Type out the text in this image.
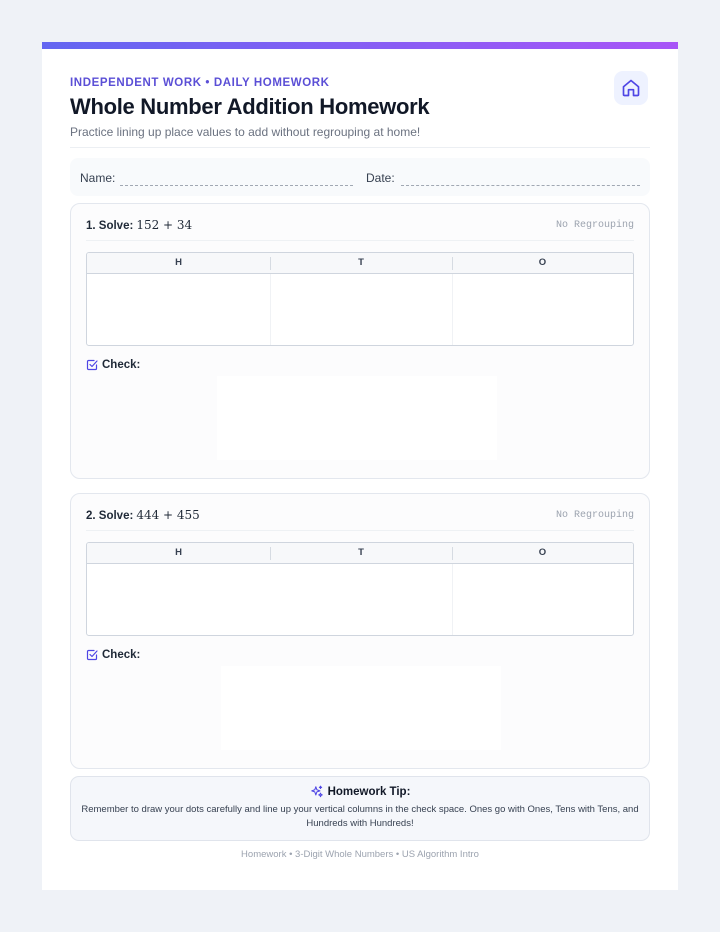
INDEPENDENT WORK • DAILY HOMEWORK
Whole Number Addition Homework
Practice lining up place values to add without regrouping at home!
Name:	Date:
1. Solve: 152 + 34	No Regrouping
H	T	O
Check:
2. Solve: 444 + 455	No Regrouping
H	T	O
Check:
Homework Tip:
Remember to draw your dots carefully and line up your vertical columns in the check space. Ones go with Ones, Tens with Tens, and Hundreds with Hundreds!
Homework • 3-Digit Whole Numbers • US Algorithm Intro
